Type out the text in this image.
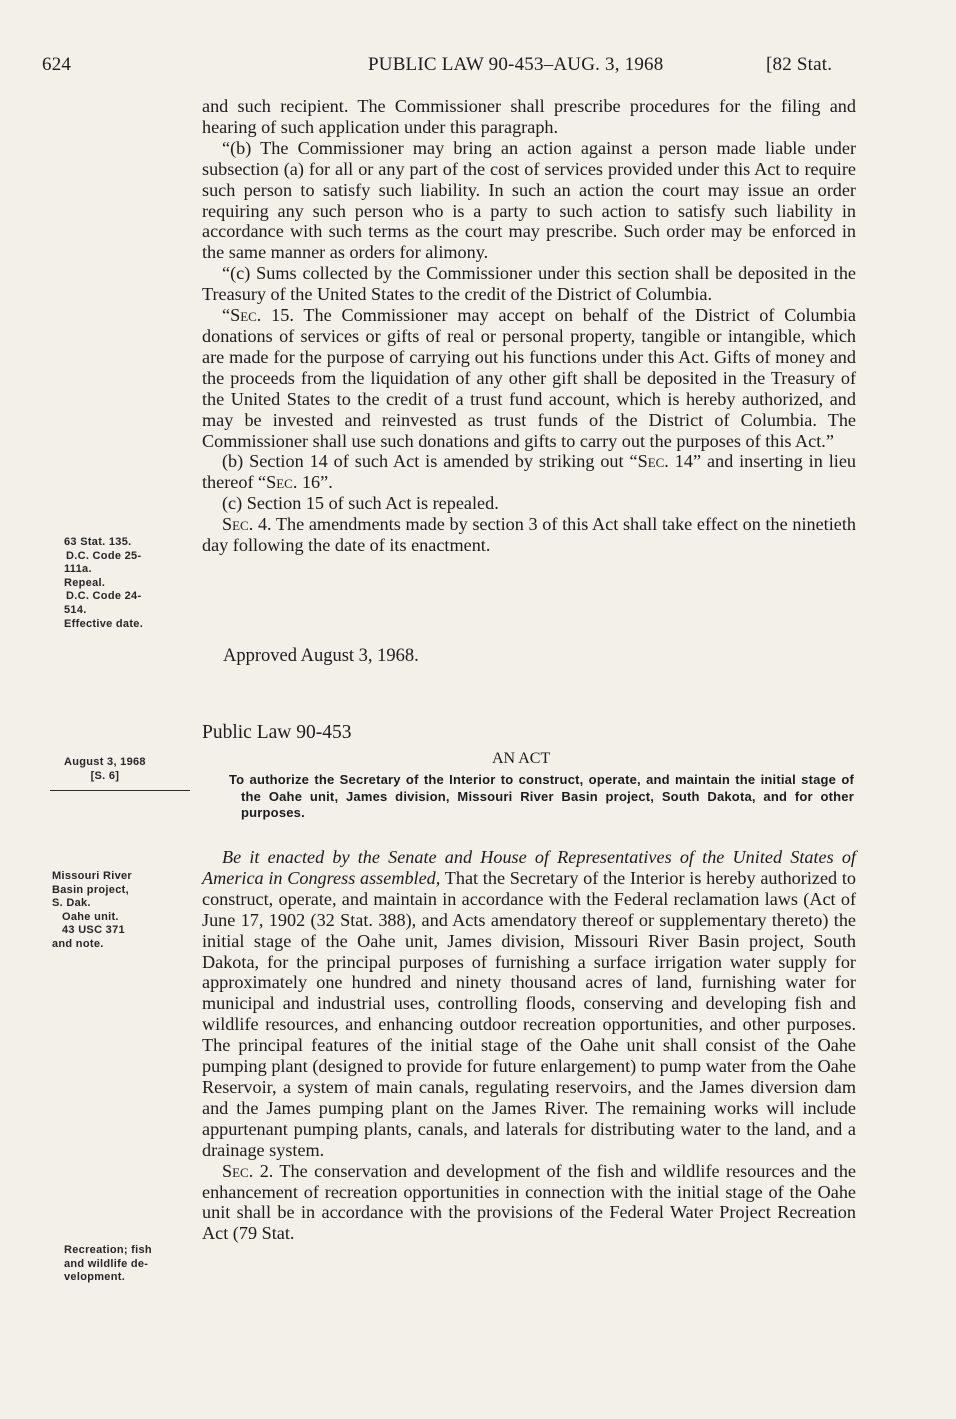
624	PUBLIC LAW 90-453–AUG. 3, 1968	[82 Stat.

and such recipient. The Commissioner shall prescribe procedures for the filing and hearing of such application under this paragraph.

“(b) The Commissioner may bring an action against a person made liable under subsection (a) for all or any part of the cost of services provided under this Act to require such person to satisfy such liability. In such an action the court may issue an order requiring any such person who is a party to such action to satisfy such liability in accordance with such terms as the court may prescribe. Such order may be enforced in the same manner as orders for alimony.

“(c) Sums collected by the Commissioner under this section shall be deposited in the Treasury of the United States to the credit of the District of Columbia.

“Sec. 15. The Commissioner may accept on behalf of the District of Columbia donations of services or gifts of real or personal property, tangible or intangible, which are made for the purpose of carrying out his functions under this Act. Gifts of money and the proceeds from the liquidation of any other gift shall be deposited in the Treasury of the United States to the credit of a trust fund account, which is hereby authorized, and may be invested and reinvested as trust funds of the District of Columbia. The Commissioner shall use such donations and gifts to carry out the purposes of this Act.”

(b) Section 14 of such Act is amended by striking out “Sec. 14” and inserting in lieu thereof “Sec. 16”.

(c) Section 15 of such Act is repealed.

Sec. 4. The amendments made by section 3 of this Act shall take effect on the ninetieth day following the date of its enactment.

Approved August 3, 1968.
Public Law 90-453
AN ACT
To authorize the Secretary of the Interior to construct, operate, and maintain the initial stage of the Oahe unit, James division, Missouri River Basin project, South Dakota, and for other purposes.

Be it enacted by the Senate and House of Representatives of the United States of America in Congress assembled, That the Secretary of the Interior is hereby authorized to construct, operate, and maintain in accordance with the Federal reclamation laws (Act of June 17, 1902 (32 Stat. 388), and Acts amendatory thereof or supplementary thereto) the initial stage of the Oahe unit, James division, Missouri River Basin project, South Dakota, for the principal purposes of furnishing a surface irrigation water supply for approximately one hundred and ninety thousand acres of land, furnishing water for municipal and industrial uses, controlling floods, conserving and developing fish and wildlife resources, and enhancing outdoor recreation opportunities, and other purposes. The principal features of the initial stage of the Oahe unit shall consist of the Oahe pumping plant (designed to provide for future enlargement) to pump water from the Oahe Reservoir, a system of main canals, regulating reservoirs, and the James diversion dam and the James pumping plant on the James River. The remaining works will include appurtenant pumping plants, canals, and laterals for distributing water to the land, and a drainage system.

Sec. 2. The conservation and development of the fish and wildlife resources and the enhancement of recreation opportunities in connection with the initial stage of the Oahe unit shall be in accordance with the provisions of the Federal Water Project Recreation Act (79 Stat.

63 Stat. 135.
D.C. Code 25-
111a.
Repeal.
D.C. Code 24-
514.
Effective date.
August 3, 1968
[S. 6]
Missouri River
Basin project,
S. Dak.
Oahe unit.
43 USC 371
and note.
Recreation; fish
and wildlife de-
velopment.
